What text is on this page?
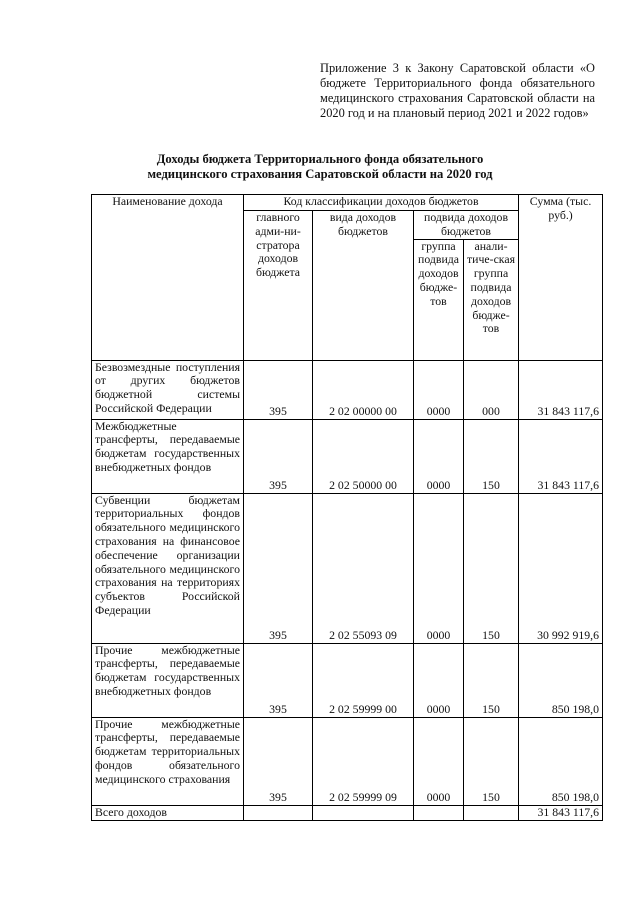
Приложение 3 к Закону Саратовской области «О бюджете Территориального фонда обязательного медицинского страхования Саратовской области на 2020 год и на плановый период 2021 и 2022 годов»
Доходы бюджета Территориального фонда обязательного
медицинского страхования Саратовской области на 2020 год
Наименование дохода	Код классификации доходов бюджетов				Сумма (тыс. руб.)
	главного адми-ни-стратора доходов бюджета	вида доходов бюджетов	подвида доходов бюджетов		
			группа подвида доходов бюдже-тов	анали-тиче-ская группа подвида доходов бюдже-тов	
Безвозмездные поступления от других бюджетов бюджетной системы Российской Федерации	395	2 02 00000 00	0000	000	31 843 117,6
Межбюджетные трансферты, передаваемые бюджетам государственных внебюджетных фондов	395	2 02 50000 00	0000	150	31 843 117,6
Субвенции бюджетам территориальных фондов обязательного медицинского страхования на финансовое обеспечение организации обязательного медицинского страхования на территориях субъектов Российской Федерации	395	2 02 55093 09	0000	150	30 992 919,6
Прочие межбюджетные трансферты, передаваемые бюджетам государственных внебюджетных фондов	395	2 02 59999 00	0000	150	850 198,0
Прочие межбюджетные трансферты, передаваемые бюджетам территориальных фондов обязательного медицинского страхования	395	2 02 59999 09	0000	150	850 198,0
Всего доходов					31 843 117,6
